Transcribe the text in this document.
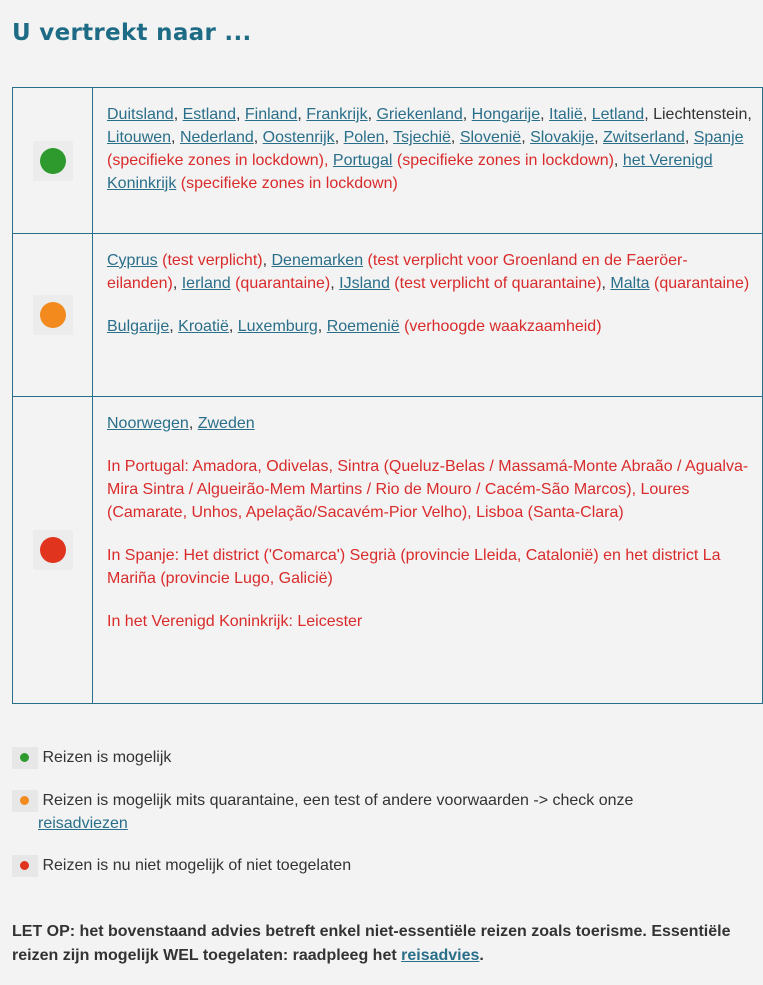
U vertrekt naar ...

	Duitsland, Estland, Finland, Frankrijk, Griekenland, Hongarije, Italië, Letland, Liechtenstein, Litouwen, Nederland, Oostenrijk, Polen, Tsjechië, Slovenië, Slovakije, Zwitserland, Spanje (specifieke zones in lockdown), Portugal (specifieke zones in lockdown), het Verenigd Koninkrijk (specifieke zones in lockdown)

	Cyprus (test verplicht), Denemarken (test verplicht voor Groenland en de Faeröer-eilanden), Ierland (quarantaine), IJsland (test verplicht of quarantaine), Malta (quarantaine)

Bulgarije, Kroatië, Luxemburg, Roemenië (verhoogde waakzaamheid)

	Noorwegen, Zweden

In Portugal: Amadora, Odivelas, Sintra (Queluz-Belas / Massamá-Monte Abraão / Agualva-Mira Sintra / Algueirão-Mem Martins / Rio de Mouro / Cacém-São Marcos), Loures (Camarate, Unhos, Apelação/Sacavém-Pior Velho), Lisboa (Santa-Clara)

In Spanje: Het district ('Comarca') Segrià (provincie Lleida, Catalonië) en het district La Mariña (provincie Lugo, Galicië)

In het Verenigd Koninkrijk: Leicester

Reizen is mogelijk
Reizen is mogelijk mits quarantaine, een test of andere voorwaarden -> check onze
reisadviezen
Reizen is nu niet mogelijk of niet toegelaten
LET OP: het bovenstaand advies betreft enkel niet-essentiële reizen zoals toerisme. Essentiële reizen zijn mogelijk WEL toegelaten: raadpleeg het reisadvies.
